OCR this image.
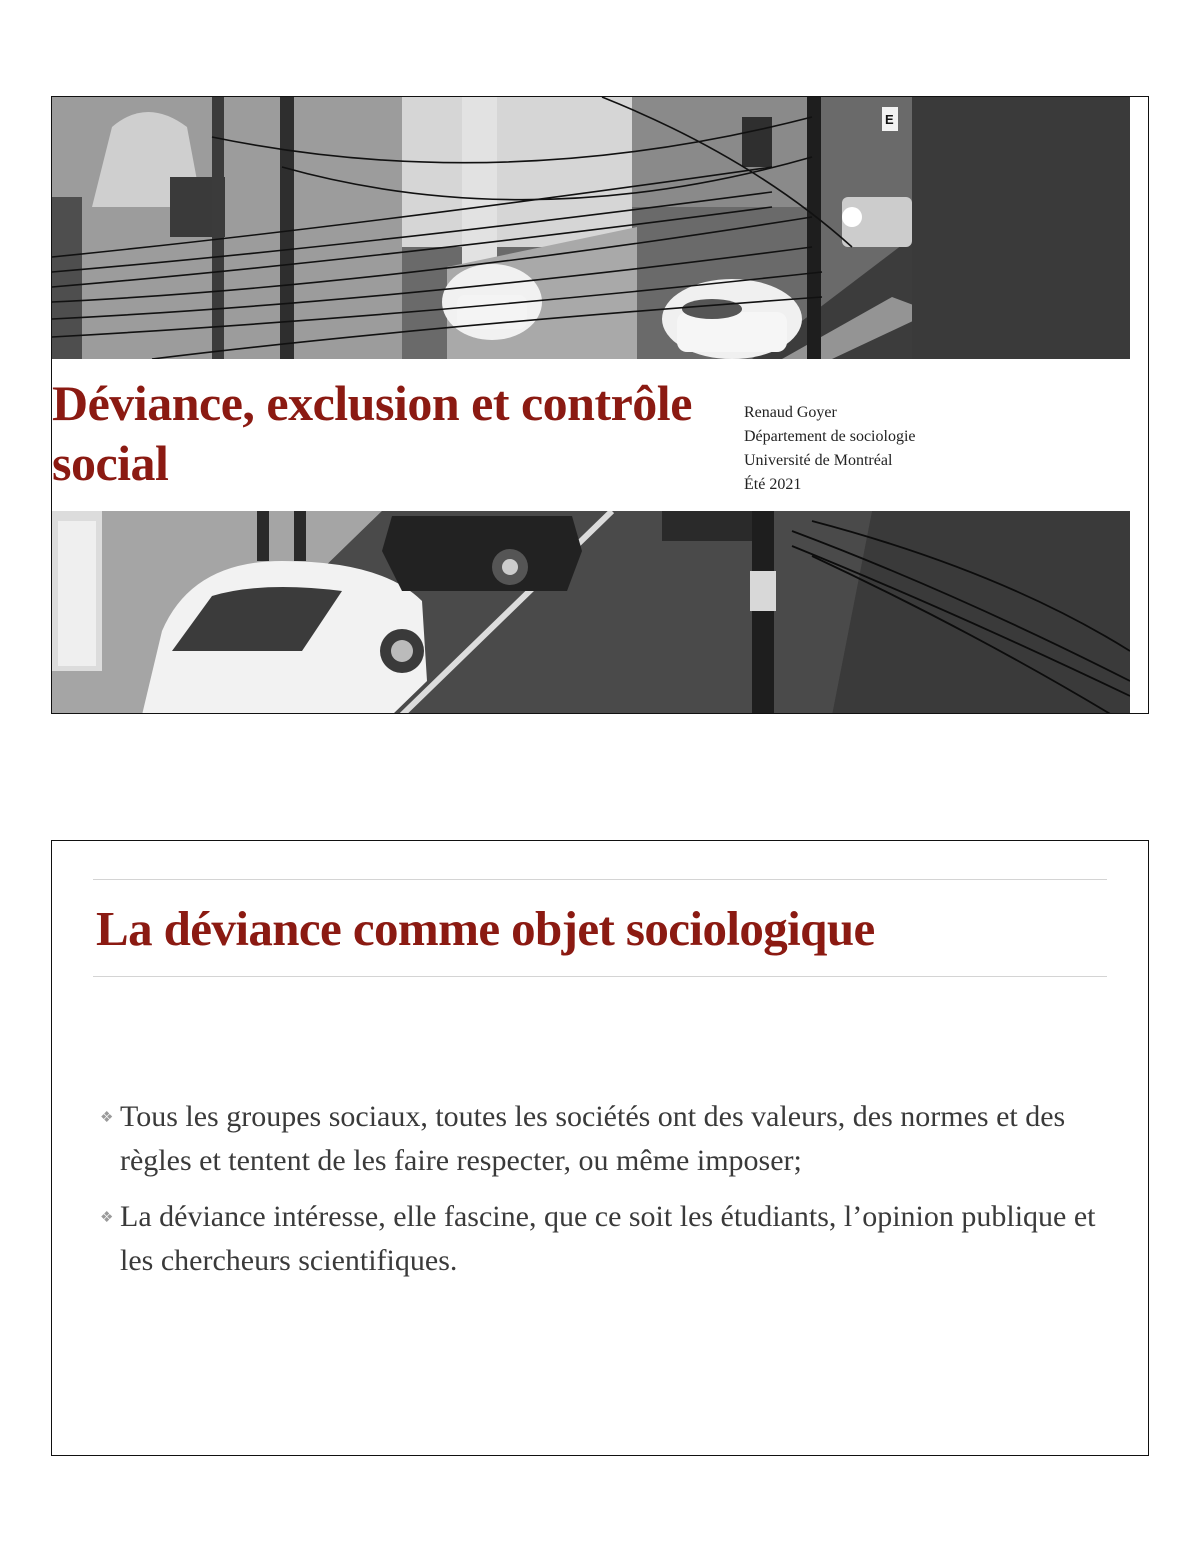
E
Déviance, exclusion et contrôle social
Renaud Goyer
Département de sociologie
Université de Montréal
Été 2021
La déviance comme objet sociologique
❖ Tous les groupes sociaux, toutes les sociétés ont des valeurs, des normes et des règles et tentent de les faire respecter, ou même imposer;
❖ La déviance intéresse, elle fascine, que ce soit les étudiants, l’opinion publique et les chercheurs scientifiques.
